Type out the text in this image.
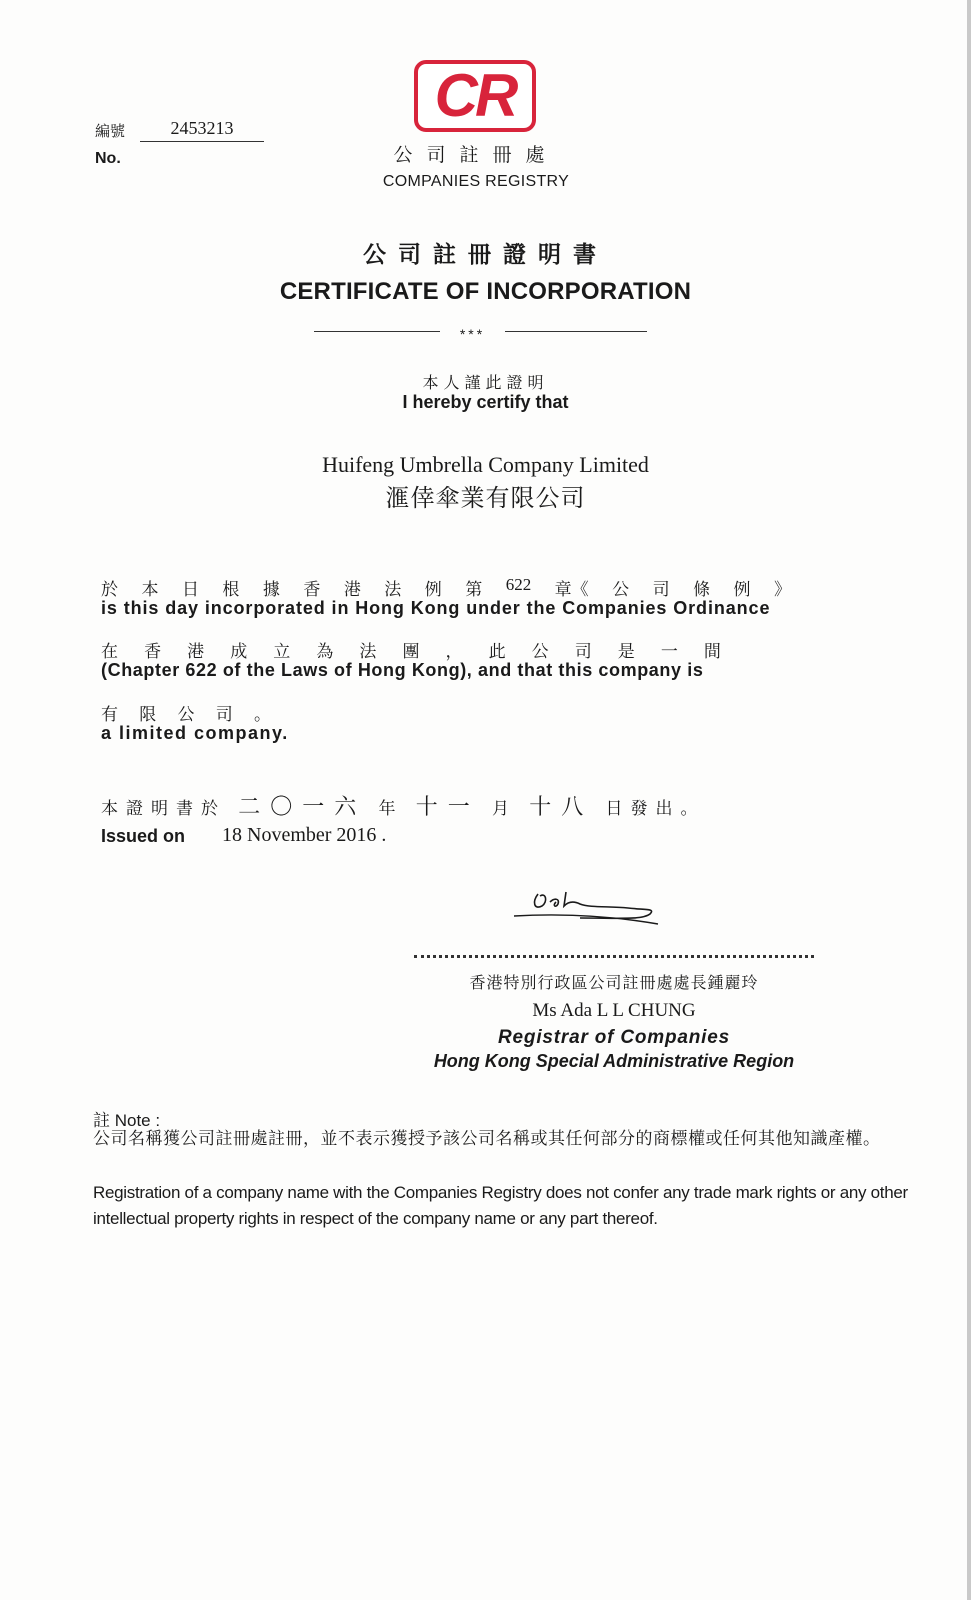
CR
編號	2453213
No.	公司註冊處
COMPANIES REGISTRY
公司註冊證明書
CERTIFICATE OF INCORPORATION
***
本人謹此證明
I hereby certify that
Huifeng Umbrella Company Limited
滙倖傘業有限公司
於 本 日 根 據 香 港 法 例 第 622 章《 公 司 條 例 》
is this day incorporated in Hong Kong under the Companies Ordinance
在 香 港 成 立 為 法 團 ， 此 公 司 是 一 間
(Chapter 622 of the Laws of Hong Kong), and that this company is
有 限 公 司 。
a limited company.
本證明書於 二〇一六 年 十一 月 十八 日發出。
Issued on 18 November 2016 .
香港特別行政區公司註冊處處長鍾麗玲
Ms Ada L L CHUNG
Registrar of Companies
Hong Kong Special Administrative Region
註 Note :
公司名稱獲公司註冊處註冊，並不表示獲授予該公司名稱或其任何部分的商標權或任何其他知識產權。
Registration of a company name with the Companies Registry does not confer any trade mark rights or any other intellectual property rights in respect of the company name or any part thereof.
